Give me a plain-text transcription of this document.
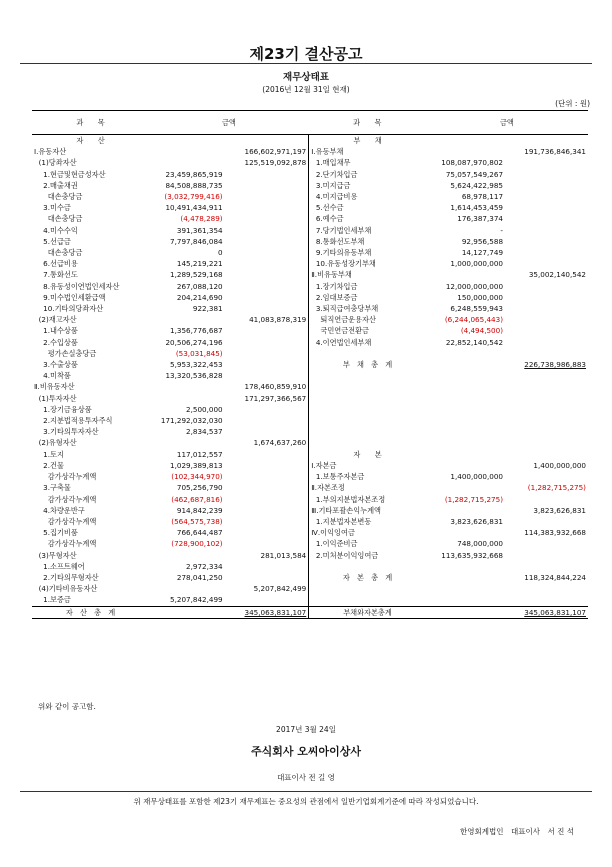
제23기 결산공고
재무상태표
(2016년 12월 31일 현재)
(단위 : 원)
과　　목	금액		과　　목	금액	
자　　산			부　　채		
Ⅰ.유동자산		166,602,971,197	Ⅰ.유동부채		191,736,846,341
(1)당좌자산		125,519,092,878	1.매입채무	108,087,970,802	
1.현금및현금성자산	23,459,865,919		2.단기차입금	75,057,549,267	
2.매출채권	84,508,888,735		3.미지급금	5,624,422,985	
대손충당금	(3,032,799,416)		4.미지급비용	68,978,117	
3.미수금	10,491,434,911		5.선수금	1,614,453,459	
대손충당금	(4,478,289)		6.예수금	176,387,374	
4.미수수익	391,361,354		7.당기법인세부채	-	
5.선급금	7,797,846,084		8.통화선도부채	92,956,588	
대손충당금	0		9.기타의유동부채	14,127,749	
6.선급비용	145,219,221		10.유동성장기부채	1,000,000,000	
7.통화선도	1,289,529,168		Ⅱ.비유동부채		35,002,140,542
8.유동성이연법인세자산	267,088,120		1.장기차입금	12,000,000,000	
9.미수법인세환급액	204,214,690		2.임대보증금	150,000,000	
10.기타의당좌자산	922,381		3.퇴직급여충당부채	6,248,559,943	
(2)재고자산		41,083,878,319	퇴직연금운용자산	(6,244,065,443)	
1.내수상품	1,356,776,687		국민연금전환금	(4,494,500)	
2.수입상품	20,506,274,196		4.이연법인세부채	22,852,140,542	
평가손실충당금	(53,031,845)				
3.수출상품	5,953,322,453		부　채　총　계		226,738,986,883
4.미착품	13,320,536,828				
Ⅱ.비유동자산		178,460,859,910			
(1)투자자산		171,297,366,567			
1.장기금융상품	2,500,000				
2.지분법적용투자주식	171,292,032,030				
3.기타의투자자산	2,834,537				
(2)유형자산		1,674,637,260			
1.토지	117,012,557		자　　본		
2.건물	1,029,389,813		Ⅰ.자본금		1,400,000,000
감가상각누계액	(102,344,970)		1.보통주자본금	1,400,000,000	
3.구축물	705,256,790		Ⅱ.자본조정		(1,282,715,275)
감가상각누계액	(462,687,816)		1.부의지분법자본조정	(1,282,715,275)	
4.차량운반구	914,842,239		Ⅲ.기타포괄손익누계액		3,823,626,831
감가상각누계액	(564,575,738)		1.지분법자본변동	3,823,626,831	
5.집기비품	766,644,487		Ⅳ.이익잉여금		114,383,932,668
감가상각누계액	(728,900,102)		1.이익준비금	748,000,000	
(3)무형자산		281,013,584	2.미처분이익잉여금	113,635,932,668	
1.소프트웨어	2,972,334				
2.기타의무형자산	278,041,250		자　본　총　계		118,324,844,224
(4)기타비유동자산		5,207,842,499			
1.보증금	5,207,842,499				
자　산　총　계		345,063,831,107	부채와자본총계		345,063,831,107
위와 같이 공고함.
2017년 3월 24일
주식회사 오씨아이상사
대표이사 전 길 영
위 재무상태표를 포함한 제23기 재무제표는 중요성의 관점에서 일반기업회계기준에 따라 작성되었습니다.
한영회계법인　대표이사　서 진 석
